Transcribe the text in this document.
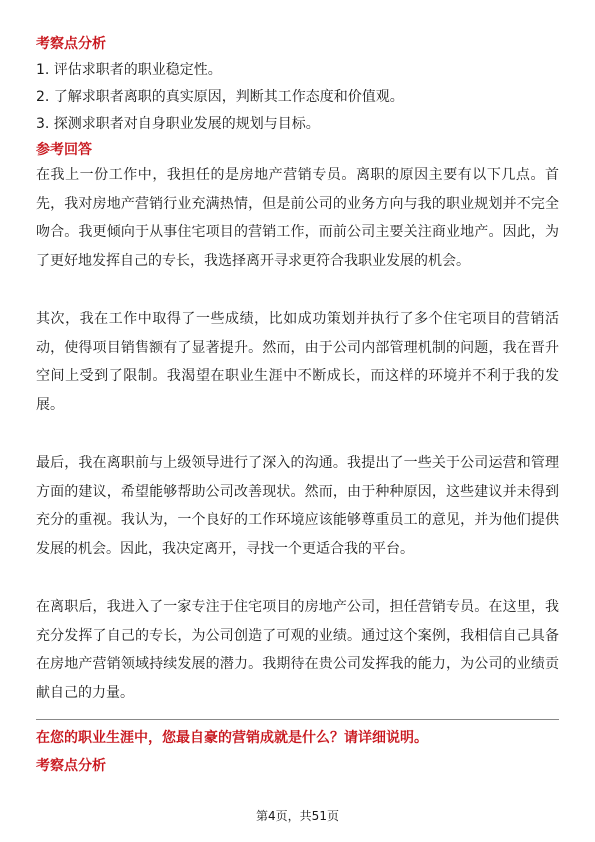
考察点分析

1. 评估求职者的职业稳定性。

2. 了解求职者离职的真实原因，判断其工作态度和价值观。

3. 探测求职者对自身职业发展的规划与目标。

参考回答

在我上一份工作中，我担任的是房地产营销专员。离职的原因主要有以下几点。首先，我对房地产营销行业充满热情，但是前公司的业务方向与我的职业规划并不完全吻合。我更倾向于从事住宅项目的营销工作，而前公司主要关注商业地产。因此，为了更好地发挥自己的专长，我选择离开寻求更符合我职业发展的机会。

其次，我在工作中取得了一些成绩，比如成功策划并执行了多个住宅项目的营销活动，使得项目销售额有了显著提升。然而，由于公司内部管理机制的问题，我在晋升空间上受到了限制。我渴望在职业生涯中不断成长，而这样的环境并不利于我的发展。

最后，我在离职前与上级领导进行了深入的沟通。我提出了一些关于公司运营和管理方面的建议，希望能够帮助公司改善现状。然而，由于种种原因，这些建议并未得到充分的重视。我认为，一个良好的工作环境应该能够尊重员工的意见，并为他们提供发展的机会。因此，我决定离开，寻找一个更适合我的平台。

在离职后，我进入了一家专注于住宅项目的房地产公司，担任营销专员。在这里，我充分发挥了自己的专长，为公司创造了可观的业绩。通过这个案例，我相信自己具备在房地产营销领域持续发展的潜力。我期待在贵公司发挥我的能力，为公司的业绩贡献自己的力量。

在您的职业生涯中，您最自豪的营销成就是什么？请详细说明。

考察点分析

第4页，共51页
